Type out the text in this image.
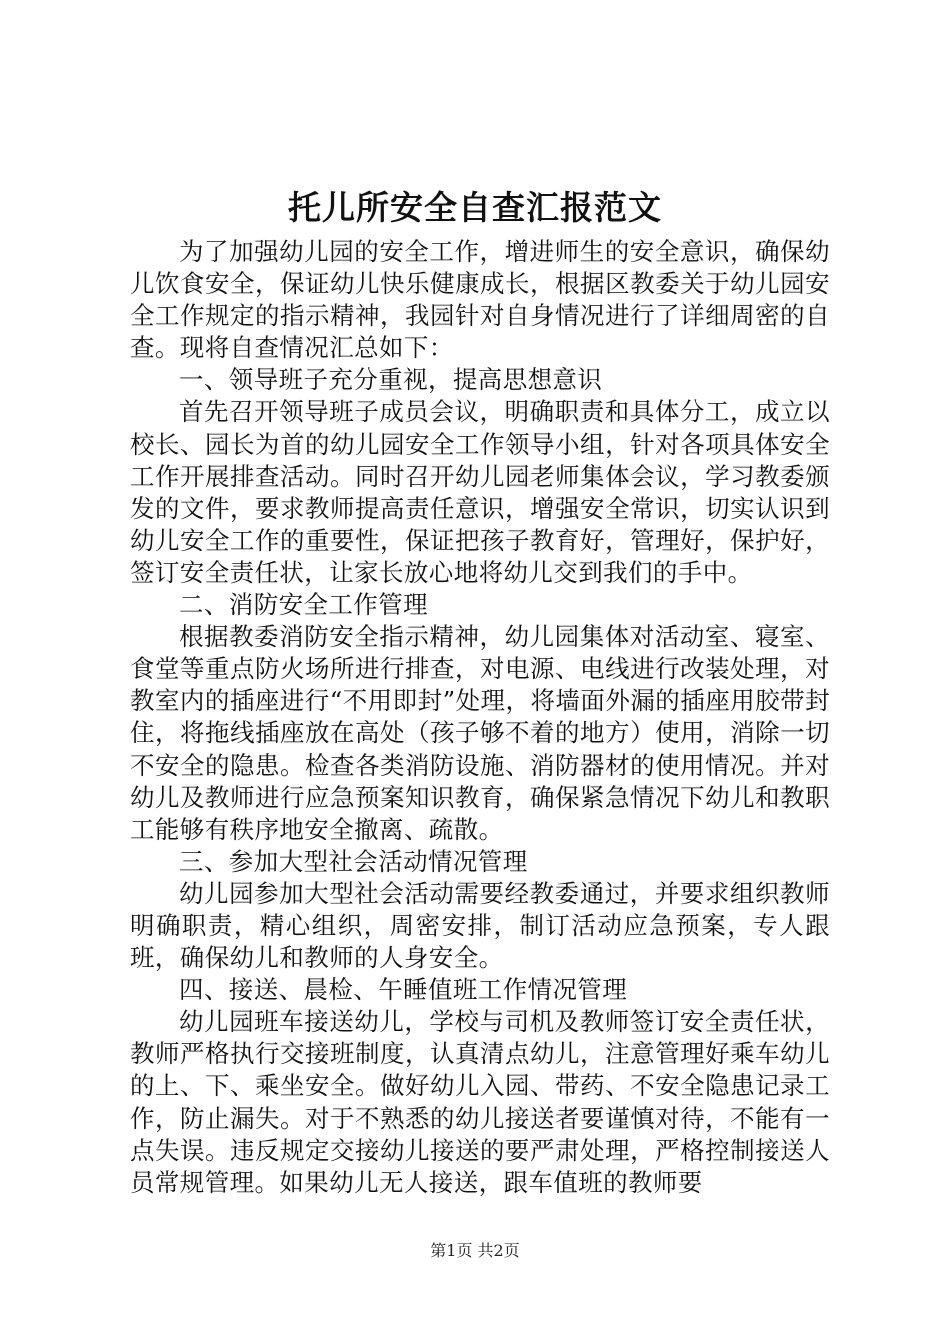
托儿所安全自查汇报范文

为了加强幼儿园的安全工作，增进师生的安全意识，确保幼儿饮食安全，保证幼儿快乐健康成长，根据区教委关于幼儿园安全工作规定的指示精神，我园针对自身情况进行了详细周密的自查。现将自查情况汇总如下：

一、领导班子充分重视，提高思想意识

首先召开领导班子成员会议，明确职责和具体分工，成立以校长、园长为首的幼儿园安全工作领导小组，针对各项具体安全工作开展排查活动。同时召开幼儿园老师集体会议，学习教委颁发的文件，要求教师提高责任意识，增强安全常识，切实认识到幼儿安全工作的重要性，保证把孩子教育好，管理好，保护好，签订安全责任状，让家长放心地将幼儿交到我们的手中。

二、消防安全工作管理

根据教委消防安全指示精神，幼儿园集体对活动室、寝室、食堂等重点防火场所进行排查，对电源、电线进行改装处理，对教室内的插座进行“不用即封”处理，将墙面外漏的插座用胶带封住，将拖线插座放在高处（孩子够不着的地方）使用，消除一切不安全的隐患。检查各类消防设施、消防器材的使用情况。并对幼儿及教师进行应急预案知识教育，确保紧急情况下幼儿和教职工能够有秩序地安全撤离、疏散。

三、参加大型社会活动情况管理

幼儿园参加大型社会活动需要经教委通过，并要求组织教师明确职责，精心组织，周密安排，制订活动应急预案，专人跟班，确保幼儿和教师的人身安全。

四、接送、晨检、午睡值班工作情况管理

幼儿园班车接送幼儿，学校与司机及教师签订安全责任状，教师严格执行交接班制度，认真清点幼儿，注意管理好乘车幼儿的上、下、乘坐安全。做好幼儿入园、带药、不安全隐患记录工作，防止漏失。对于不熟悉的幼儿接送者要谨慎对待，不能有一点失误。违反规定交接幼儿接送的要严肃处理，严格控制接送人员常规管理。如果幼儿无人接送，跟车值班的教师要

第1页 共2页
